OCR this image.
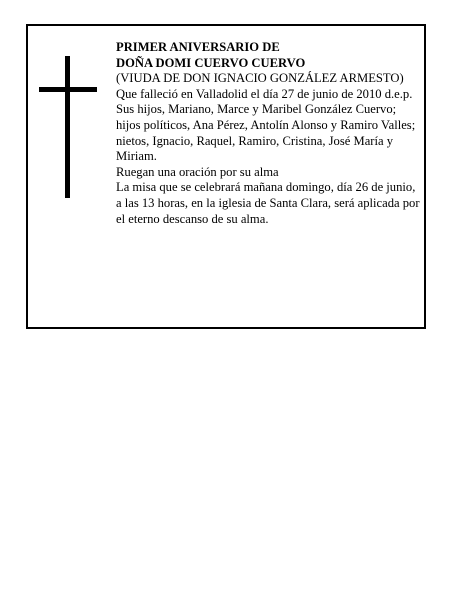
PRIMER ANIVERSARIO DE

DOÑA DOMI CUERVO CUERVO

(VIUDA DE DON IGNACIO GONZÁLEZ ARMESTO)

Que falleció en Valladolid el día 27 de junio de 2010 d.e.p.

Sus hijos, Mariano, Marce y Maribel González Cuervo; hijos políticos, Ana Pérez, Antolín Alonso y Ramiro Valles; nietos, Ignacio, Raquel, Ramiro, Cristina, José María y Miriam.

Ruegan una oración por su alma

La misa que se celebrará mañana domingo, día 26 de junio, a las 13 horas, en la iglesia de Santa Clara, será aplicada por el eterno descanso de su alma.
